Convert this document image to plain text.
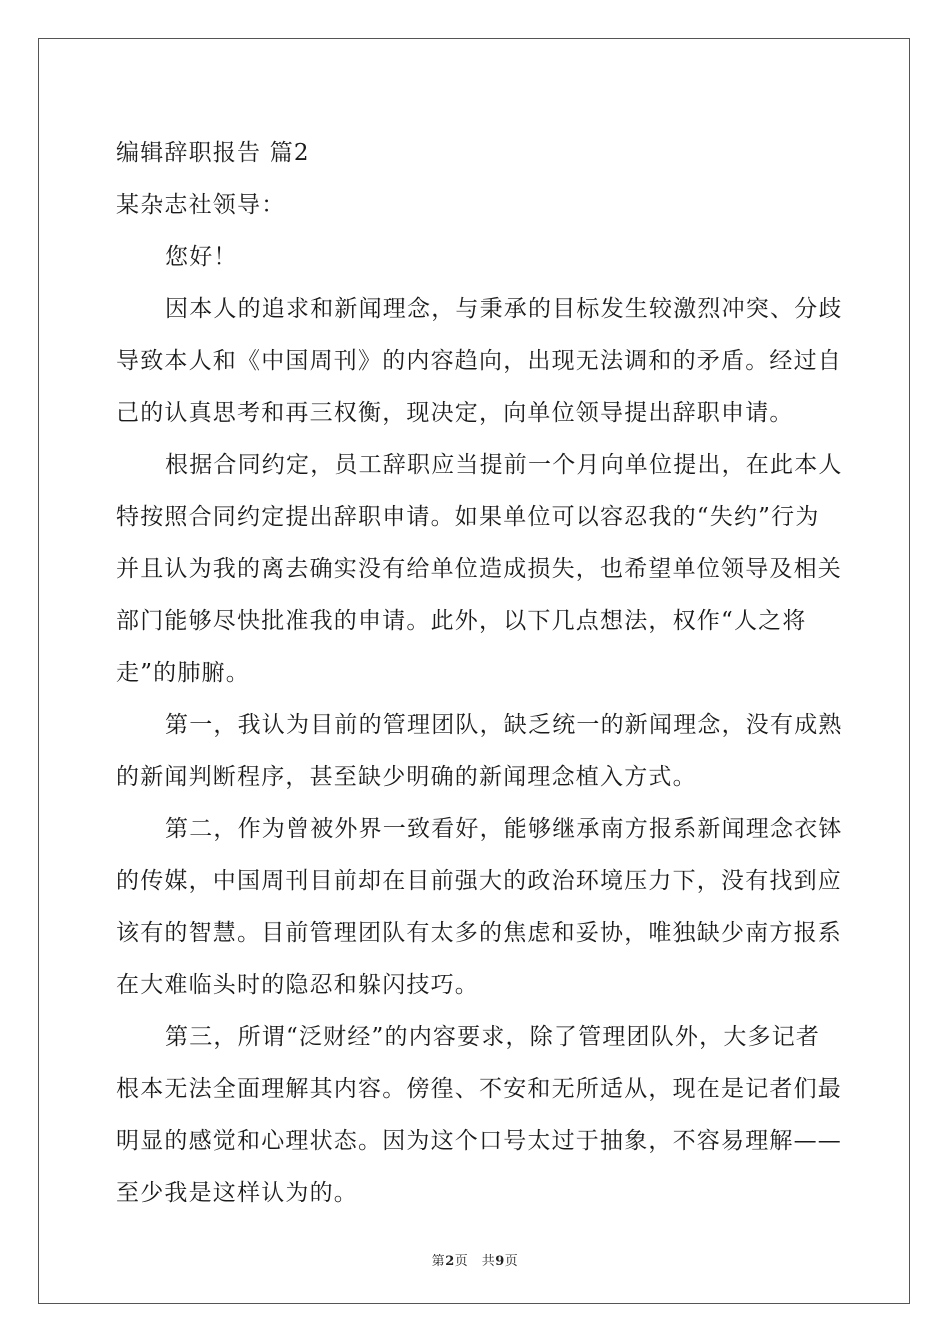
编辑辞职报告 篇2
某杂志社领导：
您好！
因本人的追求和新闻理念，与秉承的目标发生较激烈冲突、分歧
导致本人和《中国周刊》的内容趋向，出现无法调和的矛盾。经过自
己的认真思考和再三权衡，现决定，向单位领导提出辞职申请。
根据合同约定，员工辞职应当提前一个月向单位提出，在此本人
特按照合同约定提出辞职申请。如果单位可以容忍我的“失约”行为
并且认为我的离去确实没有给单位造成损失，也希望单位领导及相关
部门能够尽快批准我的申请。此外，以下几点想法，权作“人之将
走”的肺腑。
第一，我认为目前的管理团队，缺乏统一的新闻理念，没有成熟
的新闻判断程序，甚至缺少明确的新闻理念植入方式。
第二，作为曾被外界一致看好，能够继承南方报系新闻理念衣钵
的传媒，中国周刊目前却在目前强大的政治环境压力下，没有找到应
该有的智慧。目前管理团队有太多的焦虑和妥协，唯独缺少南方报系
在大难临头时的隐忍和躲闪技巧。
第三，所谓“泛财经”的内容要求，除了管理团队外，大多记者
根本无法全面理解其内容。傍徨、不安和无所适从，现在是记者们最
明显的感觉和心理状态。因为这个口号太过于抽象，不容易理解——
至少我是这样认为的。
第2页　共9页
